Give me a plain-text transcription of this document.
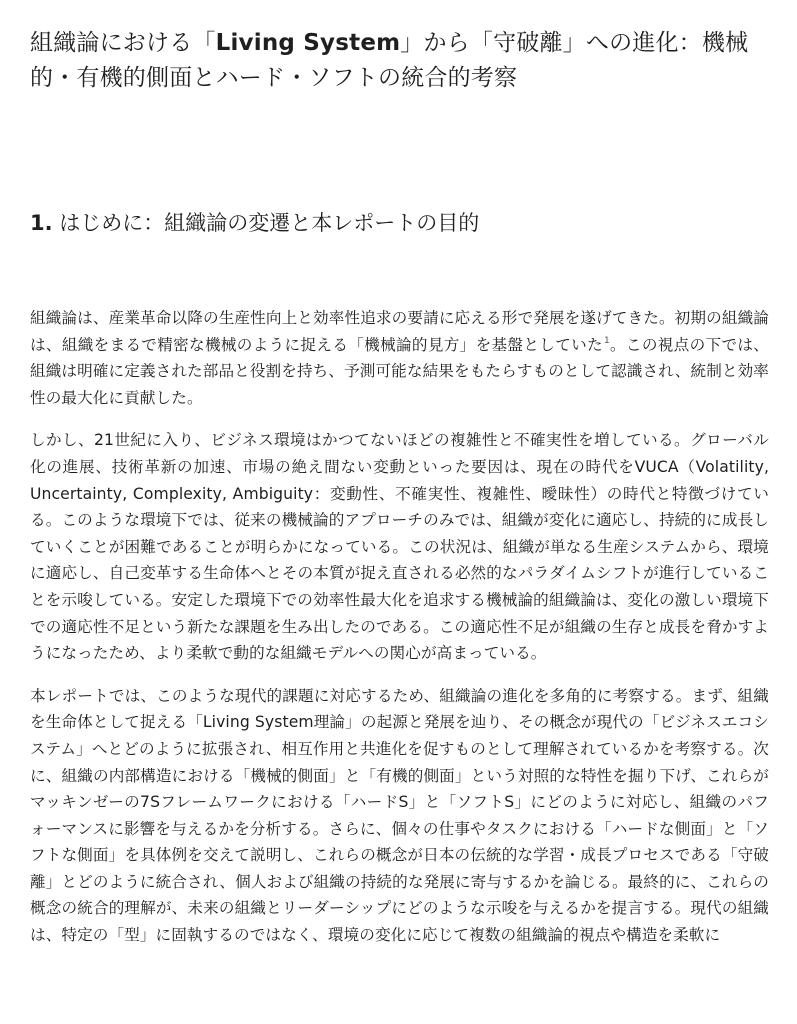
組織論における「Living System」から「守破離」への進化：機械的・有機的側面とハード・ソフトの統合的考察
1. はじめに：組織論の変遷と本レポートの目的

組織論は、産業革命以降の生産性向上と効率性追求の要請に応える形で発展を遂げてきた。初期の組織論は、組織をまるで精密な機械のように捉える「機械論的見方」を基盤としていた$^1$。この視点の下では、組織は明確に定義された部品と役割を持ち、予測可能な結果をもたらすものとして認識され、統制と効率性の最大化に貢献した。

しかし、21世紀に入り、ビジネス環境はかつてないほどの複雑性と不確実性を増している。グローバル化の進展、技術革新の加速、市場の絶え間ない変動といった要因は、現在の時代をVUCA（Volatility, Uncertainty, Complexity, Ambiguity：変動性、不確実性、複雑性、曖昧性）の時代と特徴づけている。このような環境下では、従来の機械論的アプローチのみでは、組織が変化に適応し、持続的に成長していくことが困難であることが明らかになっている。この状況は、組織が単なる生産システムから、環境に適応し、自己変革する生命体へとその本質が捉え直される必然的なパラダイムシフトが進行していることを示唆している。安定した環境下での効率性最大化を追求する機械論的組織論は、変化の激しい環境下での適応性不足という新たな課題を生み出したのである。この適応性不足が組織の生存と成長を脅かすようになったため、より柔軟で動的な組織モデルへの関心が高まっている。

本レポートでは、このような現代的課題に対応するため、組織論の進化を多角的に考察する。まず、組織を生命体として捉える「Living System理論」の起源と発展を辿り、その概念が現代の「ビジネスエコシステム」へとどのように拡張され、相互作用と共進化を促すものとして理解されているかを考察する。次に、組織の内部構造における「機械的側面」と「有機的側面」という対照的な特性を掘り下げ、これらがマッキンゼーの7Sフレームワークにおける「ハードS」と「ソフトS」にどのように対応し、組織のパフォーマンスに影響を与えるかを分析する。さらに、個々の仕事やタスクにおける「ハードな側面」と「ソフトな側面」を具体例を交えて説明し、これらの概念が日本の伝統的な学習・成長プロセスである「守破離」とどのように統合され、個人および組織の持続的な発展に寄与するかを論じる。最終的に、これらの概念の統合的理解が、未来の組織とリーダーシップにどのような示唆を与えるかを提言する。現代の組織は、特定の「型」に固執するのではなく、環境の変化に応じて複数の組織論的視点や構造を柔軟に
